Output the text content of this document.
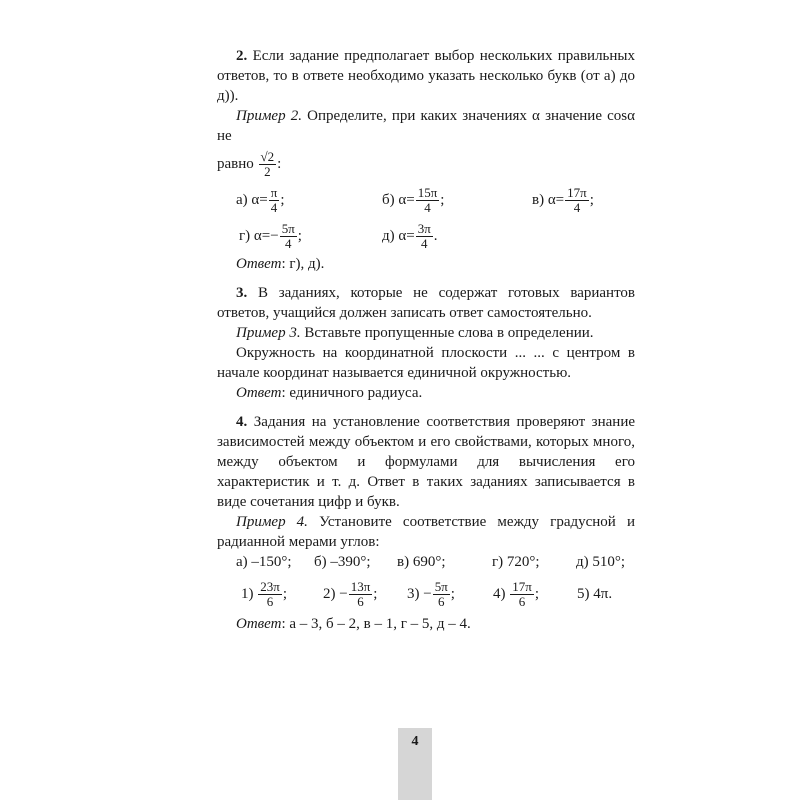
2. Если задание предполагает выбор нескольких правильных ответов, то в ответе необходимо указать несколько букв (от а) до д)).

Пример 2. Определите, при каких значениях α значение cosα не

равно
$\frac{√2}{2}$ :

а)
$\alpha= \frac{\pi}{4}$ ;	б)
$\alpha= \frac{15\pi}{4}$ ;	в)
$\alpha= \frac{17\pi}{4}$ ;
г)
$\alpha=- \frac{5\pi}{4}$ ;	д)
$\alpha= \frac{3\pi}{4}$ .

Ответ: г), д).

3. В заданиях, которые не содержат готовых вариантов ответов, учащийся должен записать ответ самостоятельно.

Пример 3. Вставьте пропущенные слова в определении.

Окружность на координатной плоскости ... ... с центром в начале координат называется единичной окружностью.

Ответ: единичного радиуса.

4. Задания на установление соответствия проверяют знание зависимостей между объектом и его свойствами, которых много, между объектом и формулами для вычисления его характеристик и т. д. Ответ в таких заданиях записывается в виде сочетания цифр и букв.

Пример 4. Установите соответствие между градусной и радианной мерами углов:

а) –150°; б) –390°; в) 690°;	г) 720°; д) 510°;
1)
$\frac{23\pi}{6}$ ; 2)
− $\frac{13\pi}{6}$ ; 3)
− $\frac{5\pi}{6}$ ;	4)
$\frac{17\pi}{6}$ ;	5) 4π.

Ответ: а – 3, б – 2, в – 1, г – 5, д – 4.

4
